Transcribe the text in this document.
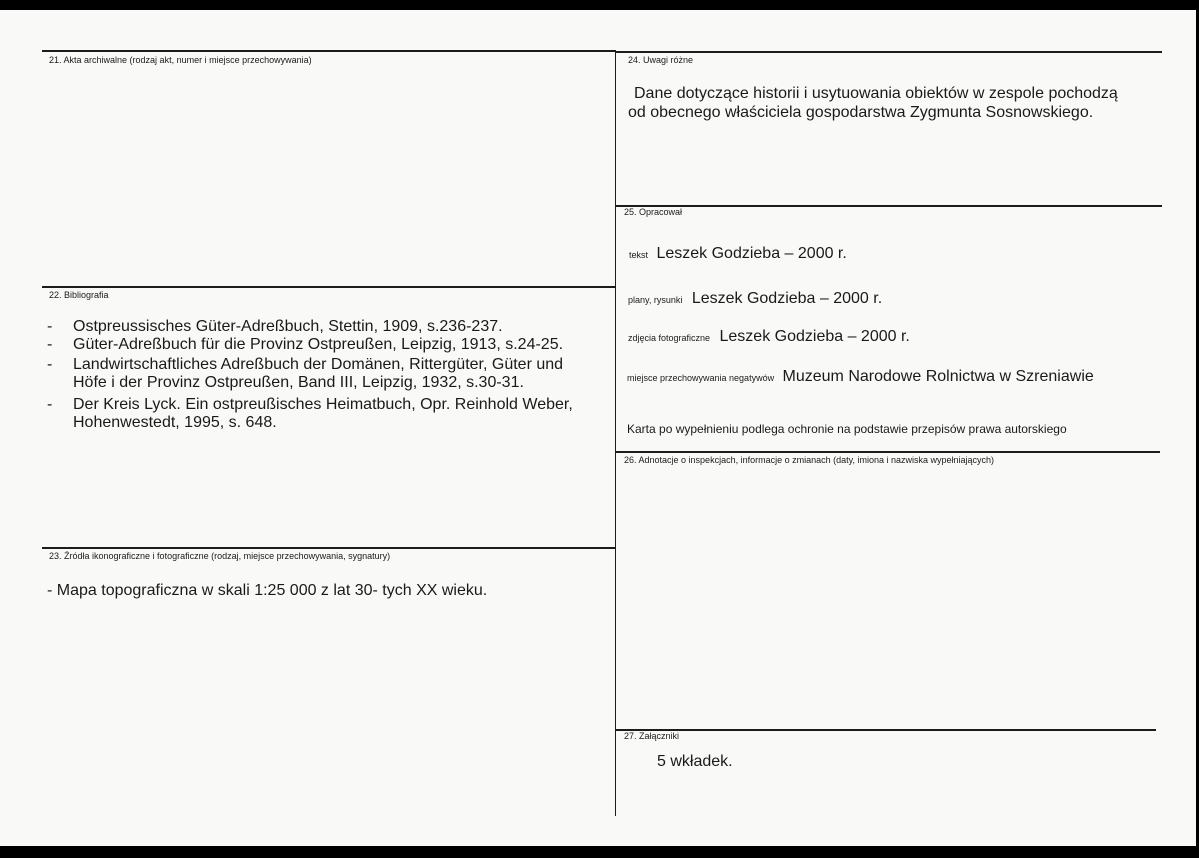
21. Akta archiwalne (rodzaj akt, numer i miejsce przechowywania)
22. Bibliografia
-	Ostpreussisches Güter-Adreßbuch, Stettin, 1909, s.236-237.
-	Güter-Adreßbuch für die Provinz Ostpreußen, Leipzig, 1913, s.24-25.
-	Landwirtschaftliches Adreßbuch der Domänen, Rittergüter, Güter und
Höfe i der Provinz Ostpreußen, Band III, Leipzig, 1932, s.30-31.
-	Der Kreis Lyck. Ein ostpreußisches Heimatbuch, Opr. Reinhold Weber,
Hohenwestedt, 1995, s. 648.
23. Źródła ikonograficzne i fotograficzne (rodzaj, miejsce przechowywania, sygnatury)
- Mapa topograficzna w skali 1:25 000 z lat 30- tych XX wieku.
24. Uwagi różne
Dane dotyczące historii i usytuowania obiektów w zespole pochodzą
od obecnego właściciela gospodarstwa Zygmunta Sosnowskiego.
25. Opracował
tekst Leszek Godzieba – 2000 r.
plany, rysunki Leszek Godzieba – 2000 r.
zdjęcia fotograficzne Leszek Godzieba – 2000 r.
miejsce przechowywania negatywów Muzeum Narodowe Rolnictwa w Szreniawie
Karta po wypełnieniu podlega ochronie na podstawie przepisów prawa autorskiego
26. Adnotacje o inspekcjach, informacje o zmianach (daty, imiona i nazwiska wypełniających)
27. Załączniki
5 wkładek.
